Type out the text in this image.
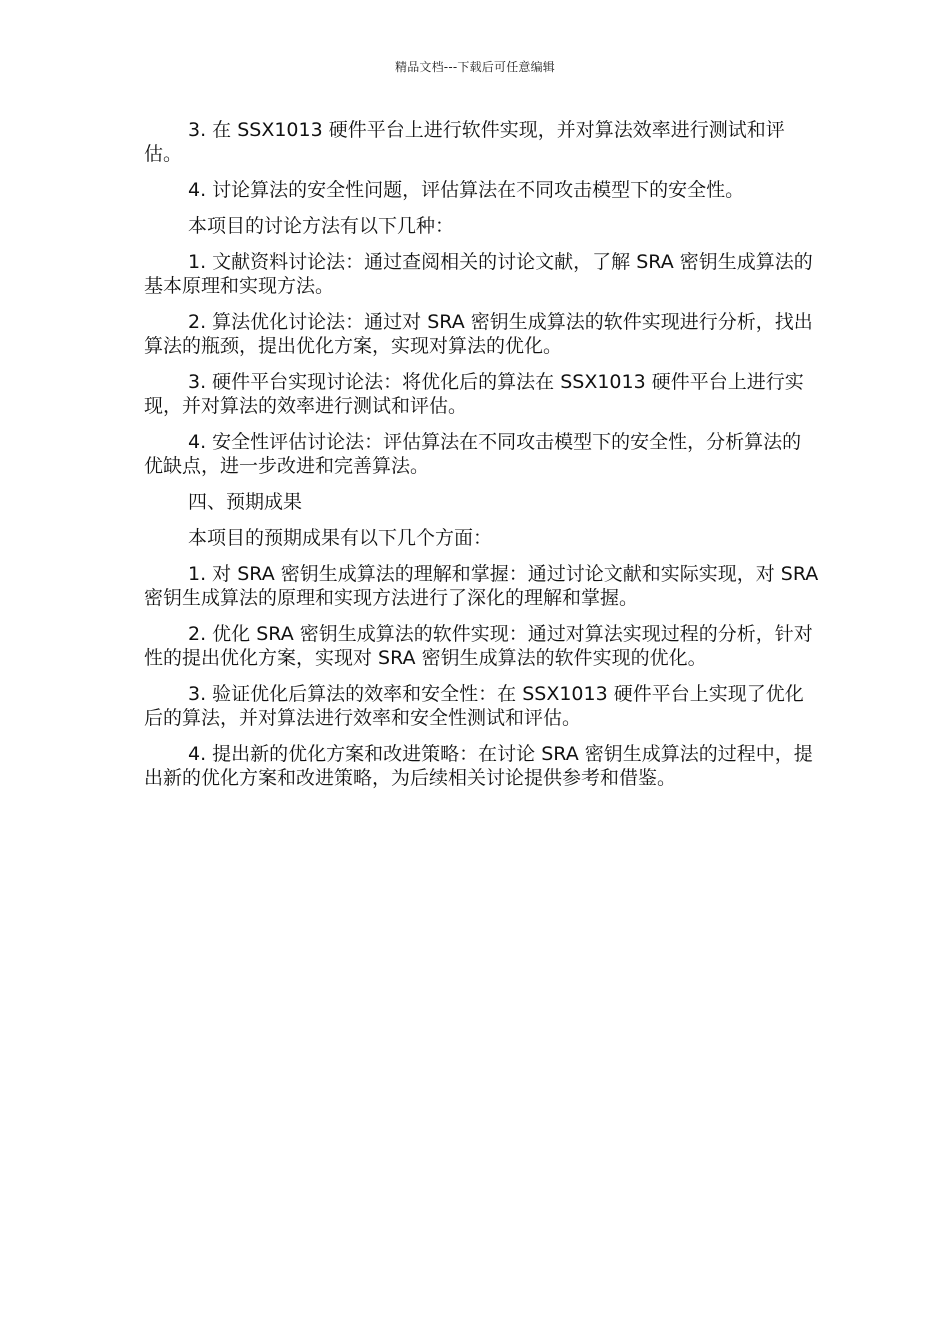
精品文档---下载后可任意编辑

3. 在 SSX1013 硬件平台上进行软件实现，并对算法效率进行测试和评估。

4. 讨论算法的安全性问题，评估算法在不同攻击模型下的安全性。

本项目的讨论方法有以下几种：

1. 文献资料讨论法：通过查阅相关的讨论文献，了解 SRA 密钥生成算法的基本原理和实现方法。

2. 算法优化讨论法：通过对 SRA 密钥生成算法的软件实现进行分析，找出算法的瓶颈，提出优化方案，实现对算法的优化。

3. 硬件平台实现讨论法：将优化后的算法在 SSX1013 硬件平台上进行实现，并对算法的效率进行测试和评估。

4. 安全性评估讨论法：评估算法在不同攻击模型下的安全性，分析算法的优缺点，进一步改进和完善算法。

四、预期成果

本项目的预期成果有以下几个方面：

1. 对 SRA 密钥生成算法的理解和掌握：通过讨论文献和实际实现，对 SRA 密钥生成算法的原理和实现方法进行了深化的理解和掌握。

2. 优化 SRA 密钥生成算法的软件实现：通过对算法实现过程的分析，针对性的提出优化方案，实现对 SRA 密钥生成算法的软件实现的优化。

3. 验证优化后算法的效率和安全性：在 SSX1013 硬件平台上实现了优化后的算法，并对算法进行效率和安全性测试和评估。

4. 提出新的优化方案和改进策略：在讨论 SRA 密钥生成算法的过程中，提出新的优化方案和改进策略，为后续相关讨论提供参考和借鉴。
